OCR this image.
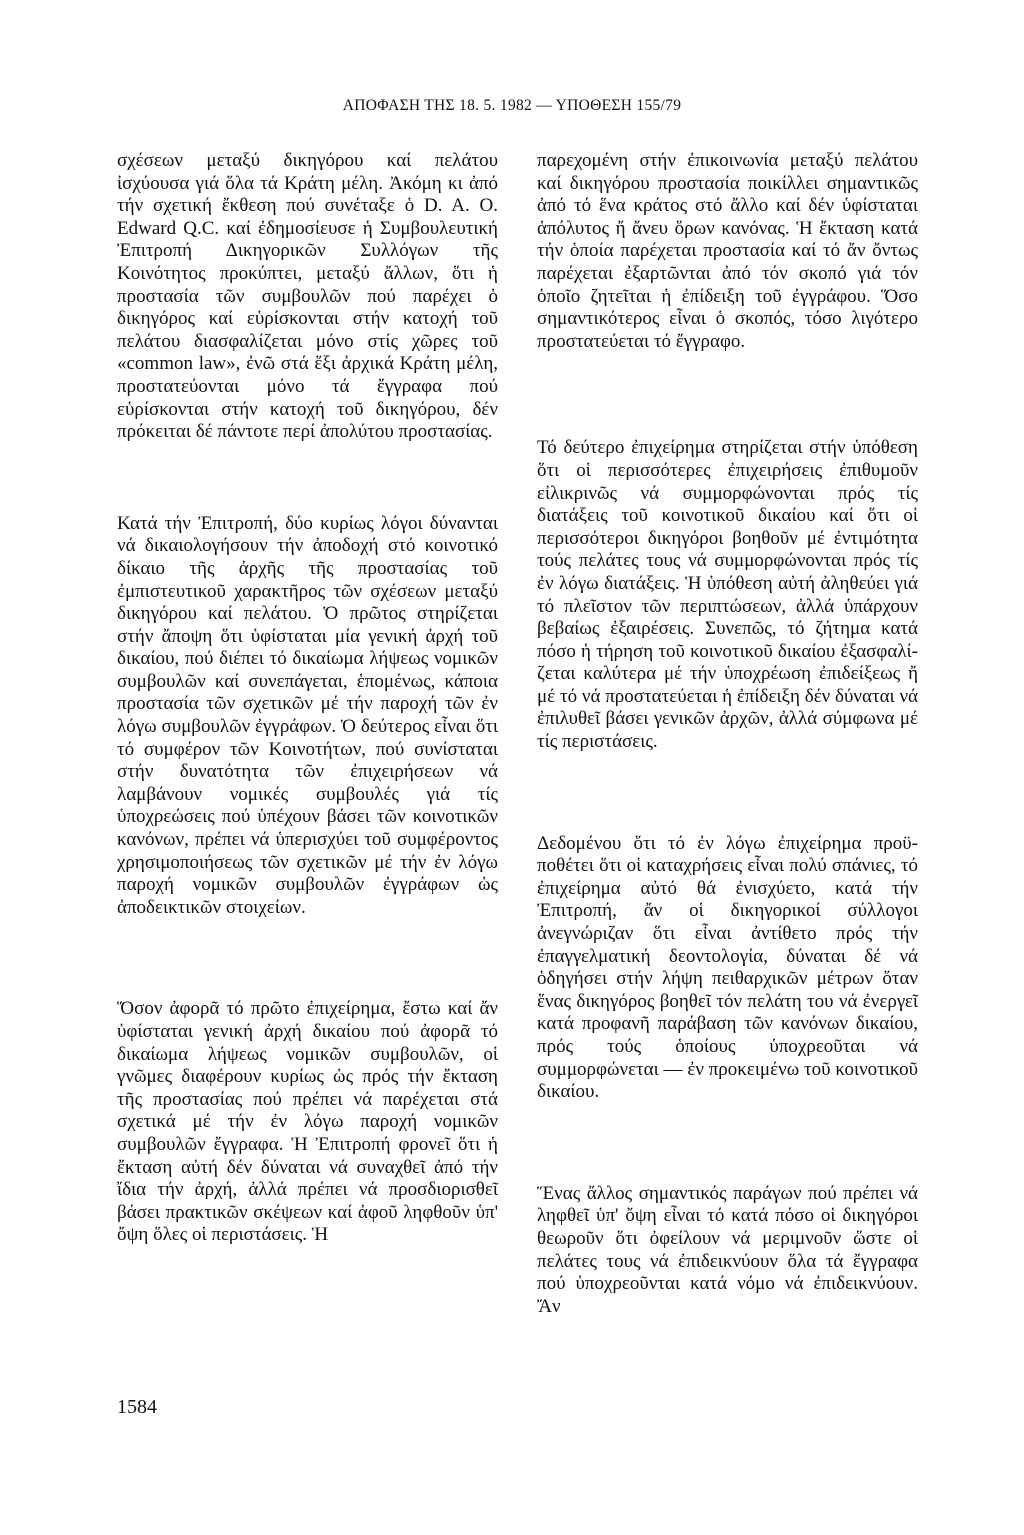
ΑΠΟΦΑΣΗ ΤΗΣ 18. 5. 1982 — ΥΠΟΘΕΣΗ 155/79

σχέσεων μεταξύ δικηγόρου καί πελάτου ἰσχύουσα γιά ὅλα τά Κράτη μέλη. Ἀκόμη κι ἀπό τήν σχετική ἔκθεση πού συνέταξε ὁ D. A. O. Edward Q.C. καί ἐδημοσίευσε ἡ Συμβουλευτική Ἐπιτροπή Δικηγορικῶν Συλλόγων τῆς Κοινότητος προκύπτει, μεταξύ ἄλλων, ὅτι ἡ προστασία τῶν συμβουλῶν πού παρέχει ὁ δικηγόρος καί εὑρίσκονται στήν κατοχή τοῦ πελάτου διασφαλίζεται μόνο στίς χῶρες τοῦ «common law», ἐνῶ στά ἕξι ἀρχικά Κράτη μέλη, προστατεύονται μόνο τά ἔγγραφα πού εὑρίσκονται στήν κατοχή τοῦ δικηγόρου, δέν πρόκειται δέ πάντοτε περί ἀπολύτου προστασίας.

Κατά τήν Ἐπιτροπή, δύο κυρίως λόγοι δύνανται νά δικαιολογήσουν τήν ἀποδοχή στό κοινοτικό δίκαιο τῆς ἀρχῆς τῆς προστασίας τοῦ ἐμπιστευτικοῦ χαρακτῆρος τῶν σχέσεων μεταξύ δικηγόρου καί πελάτου. Ὁ πρῶτος στηρίζεται στήν ἄποψη ὅτι ὑφίσταται μία γενική ἀρχή τοῦ δικαίου, πού διέπει τό δικαίωμα λήψεως νομικῶν συμβουλῶν καί συνεπάγεται, ἑπομένως, κάποια προστασία τῶν σχετικῶν μέ τήν παροχή τῶν ἐν λόγω συμβουλῶν ἐγγράφων. Ὁ δεύτερος εἶναι ὅτι τό συμφέρον τῶν Κοινοτήτων, πού συνίσταται στήν δυνατότητα τῶν ἐπιχειρήσεων νά λαμβάνουν νομικές συμβουλές γιά τίς ὑποχρεώσεις πού ὑπέχουν βάσει τῶν κοινοτικῶν κανόνων, πρέπει νά ὑπερισχύει τοῦ συμφέροντος χρησιμοποιήσεως τῶν σχετικῶν μέ τήν ἐν λόγω παροχή νομικῶν συμβουλῶν ἐγγράφων ὡς ἀποδεικτικῶν στοιχείων.

Ὅσον ἀφορᾶ τό πρῶτο ἐπιχείρημα, ἔστω καί ἄν ὑφίσταται γενική ἀρχή δικαίου πού ἀφορᾶ τό δικαίωμα λήψεως νομικῶν συμβουλῶν, οἱ γνῶμες διαφέρουν κυρίως ὡς πρός τήν ἔκταση τῆς προστασίας πού πρέπει νά παρέχεται στά σχετικά μέ τήν ἐν λόγω παροχή νομικῶν συμβουλῶν ἔγγραφα. Ἡ Ἐπιτροπή φρονεῖ ὅτι ἡ ἔκταση αὐτή δέν δύναται νά συναχθεῖ ἀπό τήν ἴδια τήν ἀρχή, ἀλλά πρέπει νά προσδιορισθεῖ βάσει πρακτικῶν σκέψεων καί ἀφοῦ ληφθοῦν ὑπ' ὄψη ὅλες οἱ περιστάσεις. Ἡ

παρεχομένη στήν ἐπικοινωνία μεταξύ πελάτου καί δικηγόρου προστασία ποικίλλει σημαντικῶς ἀπό τό ἕνα κράτος στό ἄλλο καί δέν ὑφίσταται ἀπόλυτος ἤ ἄνευ ὅρων κανόνας. Ἡ ἔκταση κατά τήν ὁποία παρέχεται προστασία καί τό ἄν ὄντως παρέχεται ἐξαρτῶνται ἀπό τόν σκοπό γιά τόν ὁποῖο ζητεῖται ἡ ἐπίδειξη τοῦ ἐγγράφου. Ὅσο σημαντικότερος εἶναι ὁ σκοπός, τόσο λιγότερο προστατεύεται τό ἔγγραφο.

Τό δεύτερο ἐπιχείρημα στηρίζεται στήν ὑπόθεση ὅτι οἱ περισσότερες ἐπιχειρήσεις ἐπιθυμοῦν εἰλικρινῶς νά συμμορφώνονται πρός τίς διατάξεις τοῦ κοινοτικοῦ δικαίου καί ὅτι οἱ περισσότεροι δικηγόροι βοηθοῦν μέ ἐντιμότητα τούς πελάτες τους νά συμμορφώνονται πρός τίς ἐν λόγω διατάξεις. Ἡ ὑπόθεση αὐτή ἀληθεύει γιά τό πλεῖστον τῶν περιπτώσεων, ἀλλά ὑπάρχουν βεβαίως ἐξαιρέσεις. Συνεπῶς, τό ζήτημα κατά πόσο ἡ τήρηση τοῦ κοινοτικοῦ δικαίου ἐξασφαλίζεται καλύτερα μέ τήν ὑποχρέωση ἐπιδείξεως ἤ μέ τό νά προστατεύεται ἡ ἐπίδειξη δέν δύναται νά ἐπιλυθεῖ βάσει γενικῶν ἀρχῶν, ἀλλά σύμφωνα μέ τίς περιστάσεις.

Δεδομένου ὅτι τό ἐν λόγω ἐπιχείρημα προϋποθέτει ὅτι οἱ καταχρήσεις εἶναι πολύ σπάνιες, τό ἐπιχείρημα αὐτό θά ἐνισχύετο, κατά τήν Ἐπιτροπή, ἄν οἱ δικηγορικοί σύλλογοι ἀνεγνώριζαν ὅτι εἶναι ἀντίθετο πρός τήν ἐπαγγελματική δεοντολογία, δύναται δέ νά ὁδηγήσει στήν λήψη πειθαρχικῶν μέτρων ὅταν ἕνας δικηγόρος βοηθεῖ τόν πελάτη του νά ἐνεργεῖ κατά προφανῆ παράβαση τῶν κανόνων δικαίου, πρός τούς ὁποίους ὑποχρεοῦται νά συμμορφώνεται — ἐν προκειμένω τοῦ κοινοτικοῦ δικαίου.

Ἕνας ἄλλος σημαντικός παράγων πού πρέπει νά ληφθεῖ ὑπ' ὄψη εἶναι τό κατά πόσο οἱ δικηγόροι θεωροῦν ὅτι ὀφείλουν νά μεριμνοῦν ὥστε οἱ πελάτες τους νά ἐπιδεικνύουν ὅλα τά ἔγγραφα πού ὑποχρεοῦνται κατά νόμο νά ἐπιδεικνύουν. Ἄν

1584
